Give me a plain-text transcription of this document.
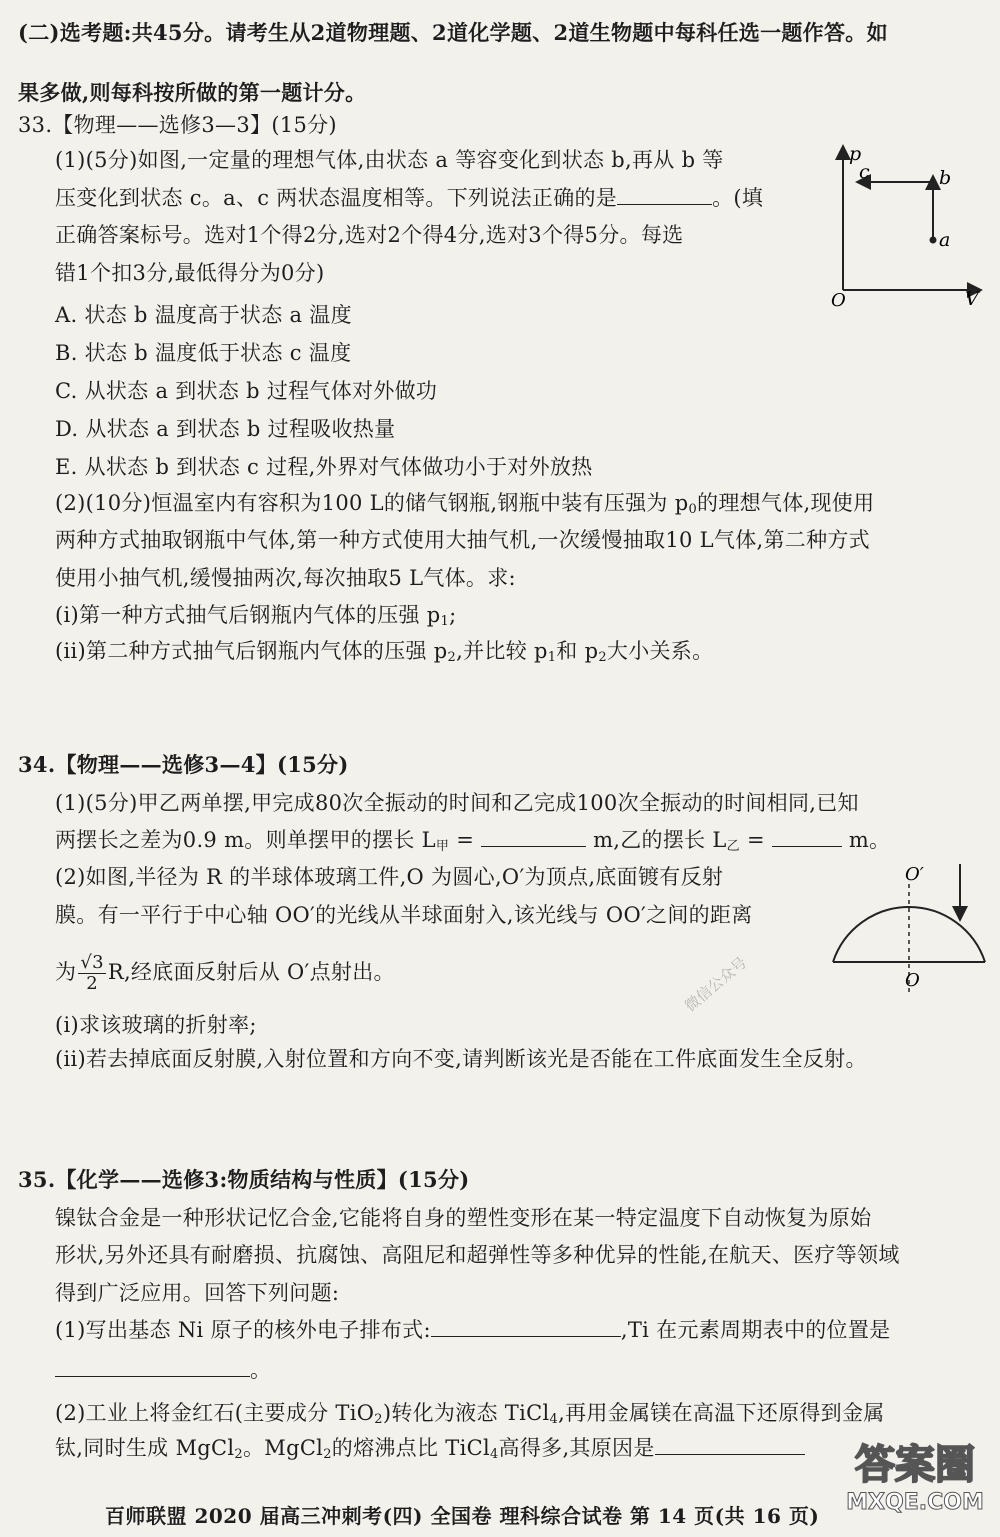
(二)选考题:共45分。请考生从2道物理题、2道化学题、2道生物题中每科任选一题作答。如
果多做,则每科按所做的第一题计分。
33.【物理——选修3—3】(15分)
(1)(5分)如图,一定量的理想气体,由状态 a 等容变化到状态 b,再从 b 等
压变化到状态 c。a、c 两状态温度相等。下列说法正确的是	。(填
正确答案标号。选对1个得2分,选对2个得4分,选对3个得5分。每选
错1个扣3分,最低得分为0分)
A. 状态 b 温度高于状态 a 温度
B. 状态 b 温度低于状态 c 温度
C. 从状态 a 到状态 b 过程气体对外做功
D. 从状态 a 到状态 b 过程吸收热量
E. 从状态 b 到状态 c 过程,外界对气体做功小于对外放热
(2)(10分)恒温室内有容积为100 L的储气钢瓶,钢瓶中装有压强为 $p_0$的理想气体,现使用
两种方式抽取钢瓶中气体,第一种方式使用大抽气机,一次缓慢抽取10 L气体,第二种方式
使用小抽气机,缓慢抽两次,每次抽取5 L气体。求:
(i)第一种方式抽气后钢瓶内气体的压强 $p_1$;
(ii)第二种方式抽气后钢瓶内气体的压强 $p_2$,并比较 $p_1$和 $p_2$大小关系。
p
V
O
a
b
c
34.【物理——选修3—4】(15分)
(1)(5分)甲乙两单摆,甲完成80次全振动的时间和乙完成100次全振动的时间相同,已知
两摆长之差为0.9 m。则单摆甲的摆长 $L_甲$ =	m,乙的摆长 $L_乙$ =	m。
(2)如图,半径为 R 的半球体玻璃工件,O 为圆心,O′为顶点,底面镀有反射
膜。有一平行于中心轴 OO′的光线从半球面射入,该光线与 OO′之间的距离
为 $\frac{√3}{2} R$,经底面反射后从 O′点射出。
(i)求该玻璃的折射率;
(ii)若去掉底面反射膜,入射位置和方向不变,请判断该光是否能在工件底面发生全反射。
O′
O
微信公众号
35.【化学——选修3:物质结构与性质】(15分)
镍钛合金是一种形状记忆合金,它能将自身的塑性变形在某一特定温度下自动恢复为原始
形状,另外还具有耐磨损、抗腐蚀、高阻尼和超弹性等多种优异的性能,在航天、医疗等领域
得到广泛应用。回答下列问题:
(1)写出基态 Ni 原子的核外电子排布式:	,Ti 在元素周期表中的位置是
。
(2)工业上将金红石(主要成分 TiO$_2$)转化为液态 TiCl$_4$,再用金属镁在高温下还原得到金属
钛,同时生成 MgCl$_2$。MgCl$_2$的熔沸点比 TiCl$_4$高得多,其原因是	答案圈
MXQE.COM
百师联盟 2020 届高三冲刺考(四) 全国卷 理科综合试卷 第 14 页(共 16 页)
